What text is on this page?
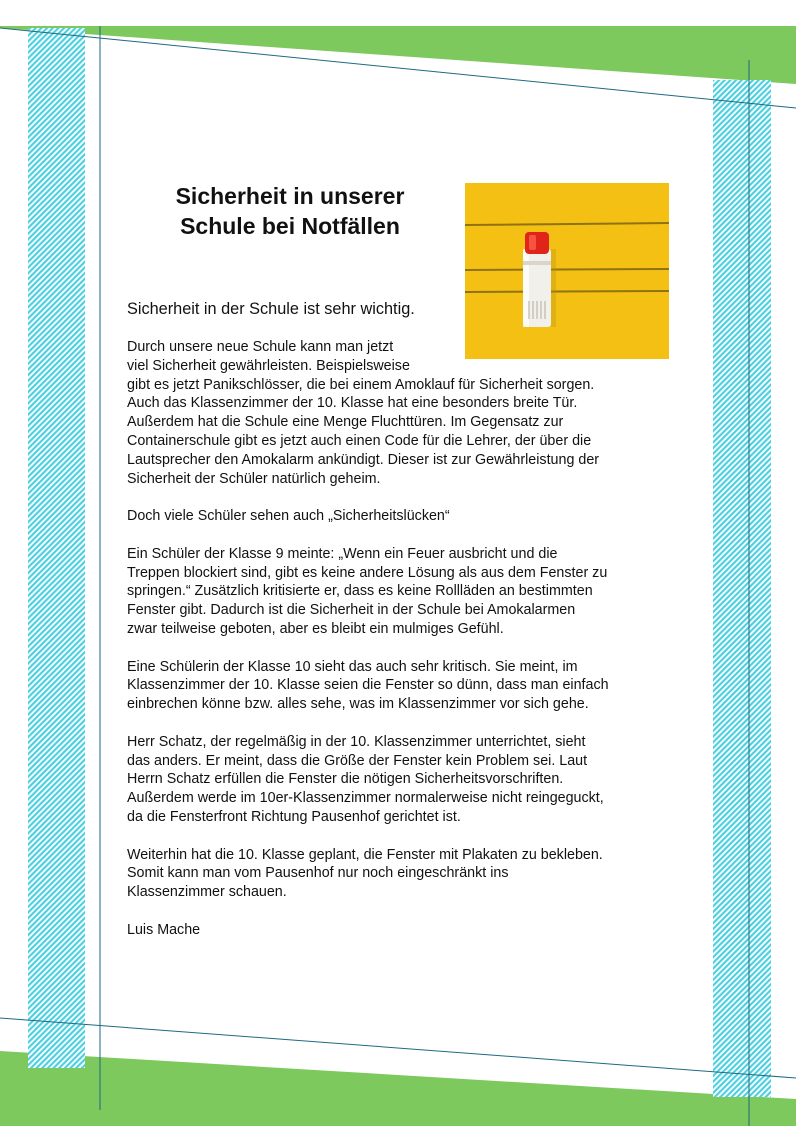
Sicherheit in unserer
Schule bei Notfällen

Sicherheit in der Schule ist sehr wichtig.

Durch unsere neue Schule kann man jetzt
viel Sicherheit gewährleisten. Beispielsweise
gibt es jetzt Panikschlösser, die bei einem Amoklauf für Sicherheit sorgen.
Auch das Klassenzimmer der 10. Klasse hat eine besonders breite Tür.
Außerdem hat die Schule eine Menge Fluchttüren. Im Gegensatz zur
Containerschule gibt es jetzt auch einen Code für die Lehrer, der über die
Lautsprecher den Amokalarm ankündigt. Dieser ist zur Gewährleistung der
Sicherheit der Schüler natürlich geheim.

Doch viele Schüler sehen auch „Sicherheitslücken“

Ein Schüler der Klasse 9 meinte: „Wenn ein Feuer ausbricht und die
Treppen blockiert sind, gibt es keine andere Lösung als aus dem Fenster zu
springen.“ Zusätzlich kritisierte er, dass es keine Rollläden an bestimmten
Fenster gibt. Dadurch ist die Sicherheit in der Schule bei Amokalarmen
zwar teilweise geboten, aber es bleibt ein mulmiges Gefühl.

Eine Schülerin der Klasse 10 sieht das auch sehr kritisch. Sie meint, im
Klassenzimmer der 10. Klasse seien die Fenster so dünn, dass man einfach
einbrechen könne bzw. alles sehe, was im Klassenzimmer vor sich gehe.

Herr Schatz, der regelmäßig in der 10. Klassenzimmer unterrichtet, sieht
das anders. Er meint, dass die Größe der Fenster kein Problem sei. Laut
Herrn Schatz erfüllen die Fenster die nötigen Sicherheitsvorschriften.
Außerdem werde im 10er-Klassenzimmer normalerweise nicht reingeguckt,
da die Fensterfront Richtung Pausenhof gerichtet ist.

Weiterhin hat die 10. Klasse geplant, die Fenster mit Plakaten zu bekleben.
Somit kann man vom Pausenhof nur noch eingeschränkt ins
Klassenzimmer schauen.

Luis Mache
